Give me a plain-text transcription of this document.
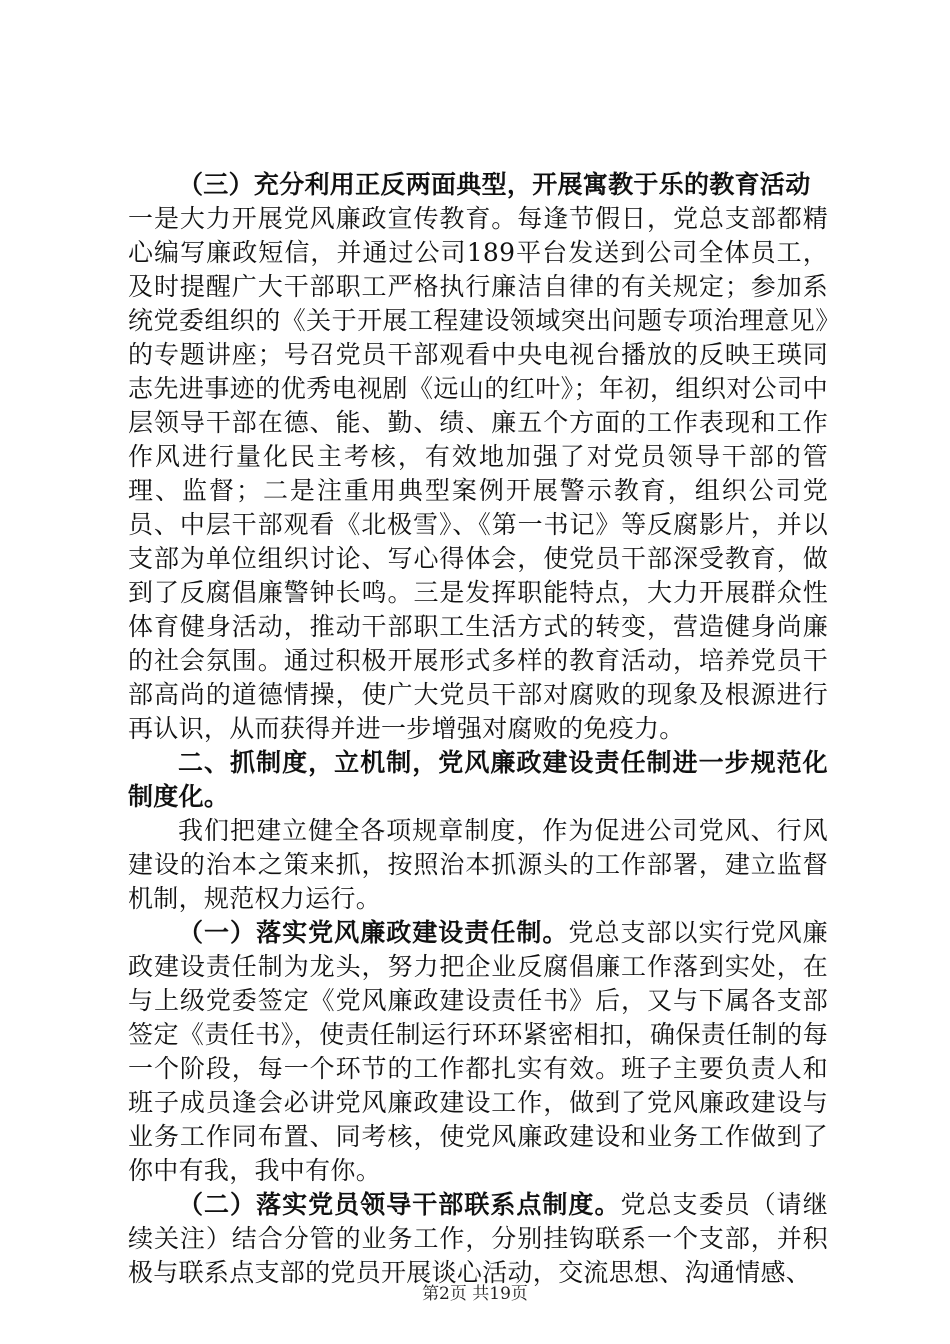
（三）充分利用正反两面典型，开展寓教于乐的教育活动

一是大力开展党风廉政宣传教育。每逢节假日，党总支部都精心编写廉政短信，并通过公司189平台发送到公司全体员工，及时提醒广大干部职工严格执行廉洁自律的有关规定；参加系统党委组织的《关于开展工程建设领域突出问题专项治理意见》的专题讲座；号召党员干部观看中央电视台播放的反映王瑛同志先进事迹的优秀电视剧《远山的红叶》；年初，组织对公司中层领导干部在德、能、勤、绩、廉五个方面的工作表现和工作作风进行量化民主考核，有效地加强了对党员领导干部的管理、监督；二是注重用典型案例开展警示教育，组织公司党员、中层干部观看《北极雪》、《第一书记》等反腐影片，并以支部为单位组织讨论、写心得体会，使党员干部深受教育，做到了反腐倡廉警钟长鸣。三是发挥职能特点，大力开展群众性体育健身活动，推动干部职工生活方式的转变，营造健身尚廉的社会氛围。通过积极开展形式多样的教育活动，培养党员干部高尚的道德情操，使广大党员干部对腐败的现象及根源进行再认识，从而获得并进一步增强对腐败的免疫力。

二、抓制度，立机制，党风廉政建设责任制进一步规范化制度化。

我们把建立健全各项规章制度，作为促进公司党风、行风建设的治本之策来抓，按照治本抓源头的工作部署，建立监督机制，规范权力运行。

（一）落实党风廉政建设责任制。党总支部以实行党风廉政建设责任制为龙头，努力把企业反腐倡廉工作落到实处，在与上级党委签定《党风廉政建设责任书》后，又与下属各支部签定《责任书》，使责任制运行环环紧密相扣，确保责任制的每一个阶段，每一个环节的工作都扎实有效。班子主要负责人和班子成员逢会必讲党风廉政建设工作，做到了党风廉政建设与业务工作同布置、同考核，使党风廉政建设和业务工作做到了你中有我，我中有你。

（二）落实党员领导干部联系点制度。党总支委员（请继续关注）结合分管的业务工作，分别挂钩联系一个支部，并积极与联系点支部的党员开展谈心活动，交流思想、沟通情感、

第2页 共19页
